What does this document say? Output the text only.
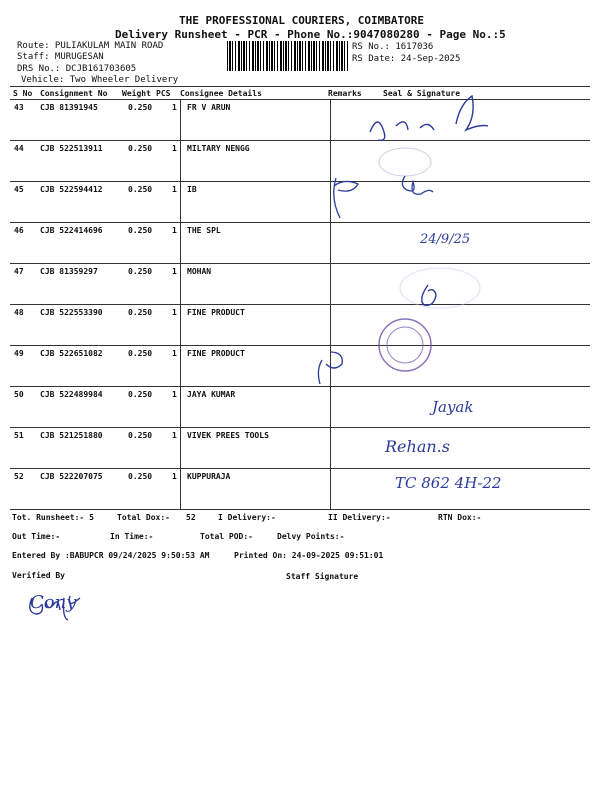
THE PROFESSIONAL COURIERS, COIMBATORE
Delivery Runsheet - PCR - Phone No.:9047080280 - Page No.:5
Route: PULIAKULAM MAIN ROAD
Staff: MURUGESAN
DRS No.: DCJB161703605
Vehicle: Two Wheeler Delivery
RS No.: 1617036
RS Date: 24-Sep-2025
S No Consignment No Weight PCS Consignee Details	Remarks	Seal & Signature
43 CJB 81391945	0.250 1 FR V ARUN
44 CJB 522513911	0.250 1 MILTARY NENGG
45 CJB 522594412	0.250 1 IB
46 CJB 522414696	0.250 1 THE SPL
47 CJB 81359297	0.250 1 MOHAN
48 CJB 522553390	0.250 1 FINE PRODUCT
49 CJB 522651082	0.250 1 FINE PRODUCT
50 CJB 522489984	0.250 1 JAYA KUMAR
51 CJB 521251880	0.250 1 VIVEK PREES TOOLS
52 CJB 522207075	0.250 1 KUPPURAJA
24/9/25
Jayak
Rehan.s
TC 862 4H-22
Cony
Tot. Runsheet:- 5	Total Dox:- 52	I Delivery:-	II Delivery:-	RTN Dox:-
Out Time:-	In Time:-	Total POD:-	Delvy Points:-
Entered By :BABUPCR 09/24/2025 9:50:53 AM	Printed On: 24-09-2025 09:51:01
Verified By	Staff Signature
